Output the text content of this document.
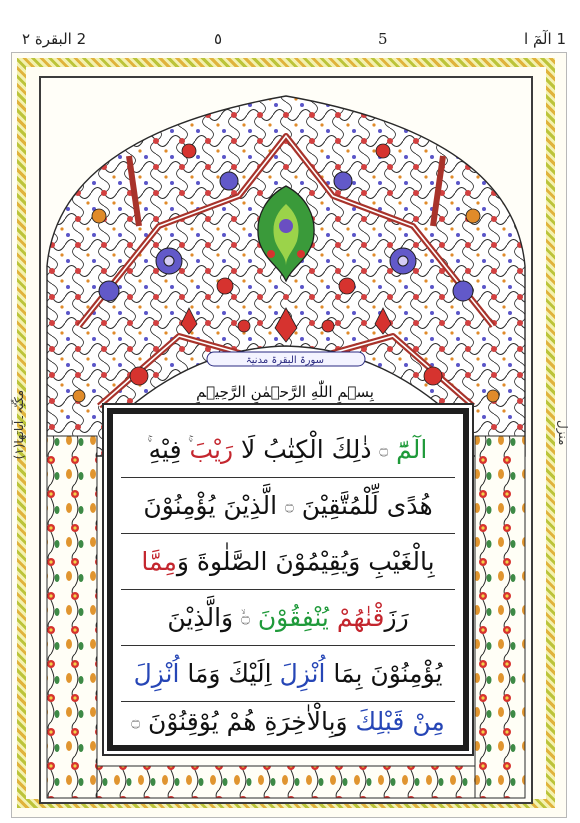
1 الٓمٓ ا
٥	5
2 البقرة ٢
مکّیّہ۔آیاتھا(١)	منزل
سورۃ البقرۃ مدنیۃ
بِسۡمِ اللّٰهِ الرَّحۡمٰنِ الرَّحِیۡمِ
الٓمّٓ

۝

ذٰلِكَ الْكِتٰبُ لَا

رَيْبَ

فِيْهِ
هُدًى لِّلْمُتَّقِيْنَ

۝

الَّذِيْنَ يُؤْمِنُوْنَ
بِالْغَيْبِ وَيُقِيْمُوْنَ الصَّلٰوةَ وَ
مِمَّا
رَزَ
قْنٰهُمْ

يُنْفِقُوْنَ

۝

وَالَّذِيْنَ
يُؤْمِنُوْنَ بِمَا

اُنْزِلَ

اِلَيْكَ وَمَا

اُنْزِلَ
مِنْ قَبْلِكَ

وَبِالْاٰخِرَةِ هُمْ يُوْقِنُوْنَ

۝
